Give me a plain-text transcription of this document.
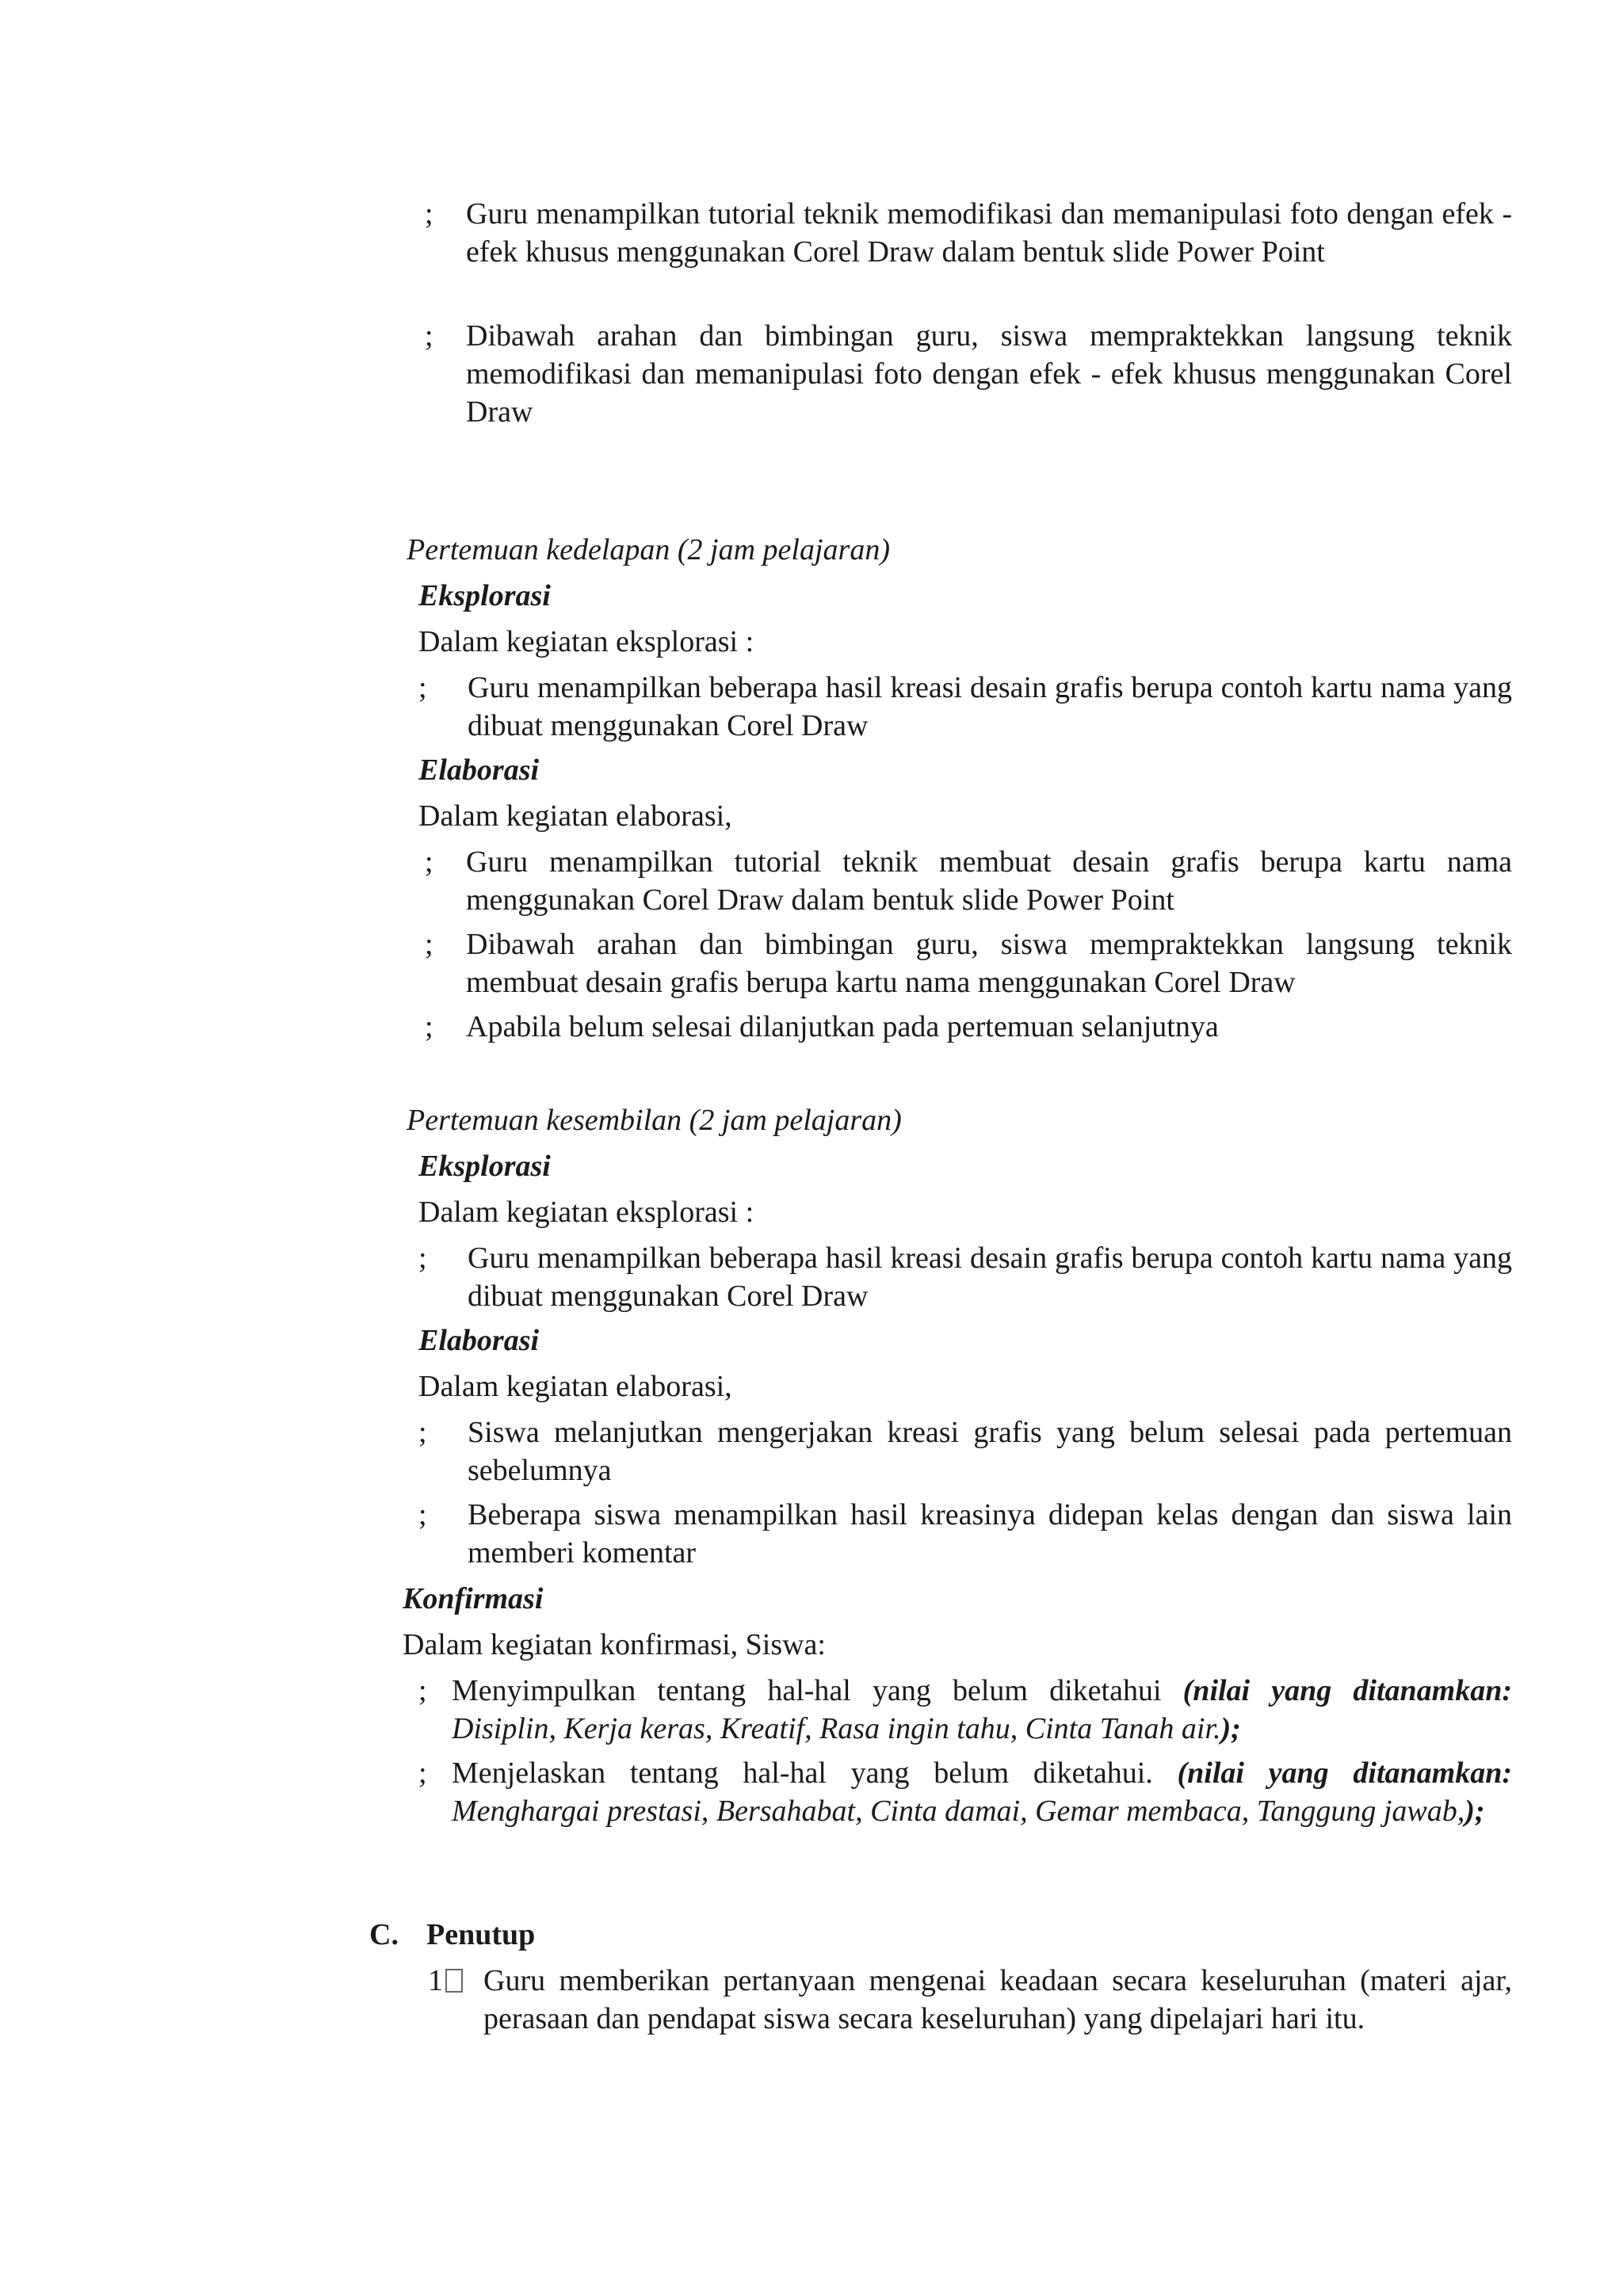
; Guru menampilkan tutorial teknik memodifikasi dan memanipulasi foto dengan efek - efek khusus menggunakan Corel Draw dalam bentuk slide Power Point
; Dibawah arahan dan bimbingan guru, siswa mempraktekkan langsung teknik memodifikasi dan memanipulasi foto dengan efek - efek khusus menggunakan Corel Draw
Pertemuan kedelapan (2 jam pelajaran)
Eksplorasi
Dalam kegiatan eksplorasi :
; Guru menampilkan beberapa hasil kreasi desain grafis berupa contoh kartu nama yang dibuat menggunakan Corel Draw
Elaborasi
Dalam kegiatan elaborasi,
; Guru menampilkan tutorial teknik membuat desain grafis berupa kartu nama menggunakan Corel Draw dalam bentuk slide Power Point
; Dibawah arahan dan bimbingan guru, siswa mempraktekkan langsung teknik membuat desain grafis berupa kartu nama menggunakan Corel Draw
; Apabila belum selesai dilanjutkan pada pertemuan selanjutnya
Pertemuan kesembilan (2 jam pelajaran)
Eksplorasi
Dalam kegiatan eksplorasi :
; Guru menampilkan beberapa hasil kreasi desain grafis berupa contoh kartu nama yang dibuat menggunakan Corel Draw
Elaborasi
Dalam kegiatan elaborasi,
; Siswa melanjutkan mengerjakan kreasi grafis yang belum selesai pada pertemuan sebelumnya
; Beberapa siswa menampilkan hasil kreasinya didepan kelas dengan dan siswa lain memberi komentar
Konfirmasi
Dalam kegiatan konfirmasi, Siswa:
; Menyimpulkan tentang hal-hal yang belum diketahui (nilai yang ditanamkan: Disiplin, Kerja keras, Kreatif, Rasa ingin tahu, Cinta Tanah air.);
; Menjelaskan tentang hal-hal yang belum diketahui. (nilai yang ditanamkan: Menghargai prestasi, Bersahabat, Cinta damai, Gemar membaca, Tanggung jawab,);
C. Penutup
1	Guru memberikan pertanyaan mengenai keadaan secara keseluruhan (materi ajar, perasaan dan pendapat siswa secara keseluruhan) yang dipelajari hari itu.
